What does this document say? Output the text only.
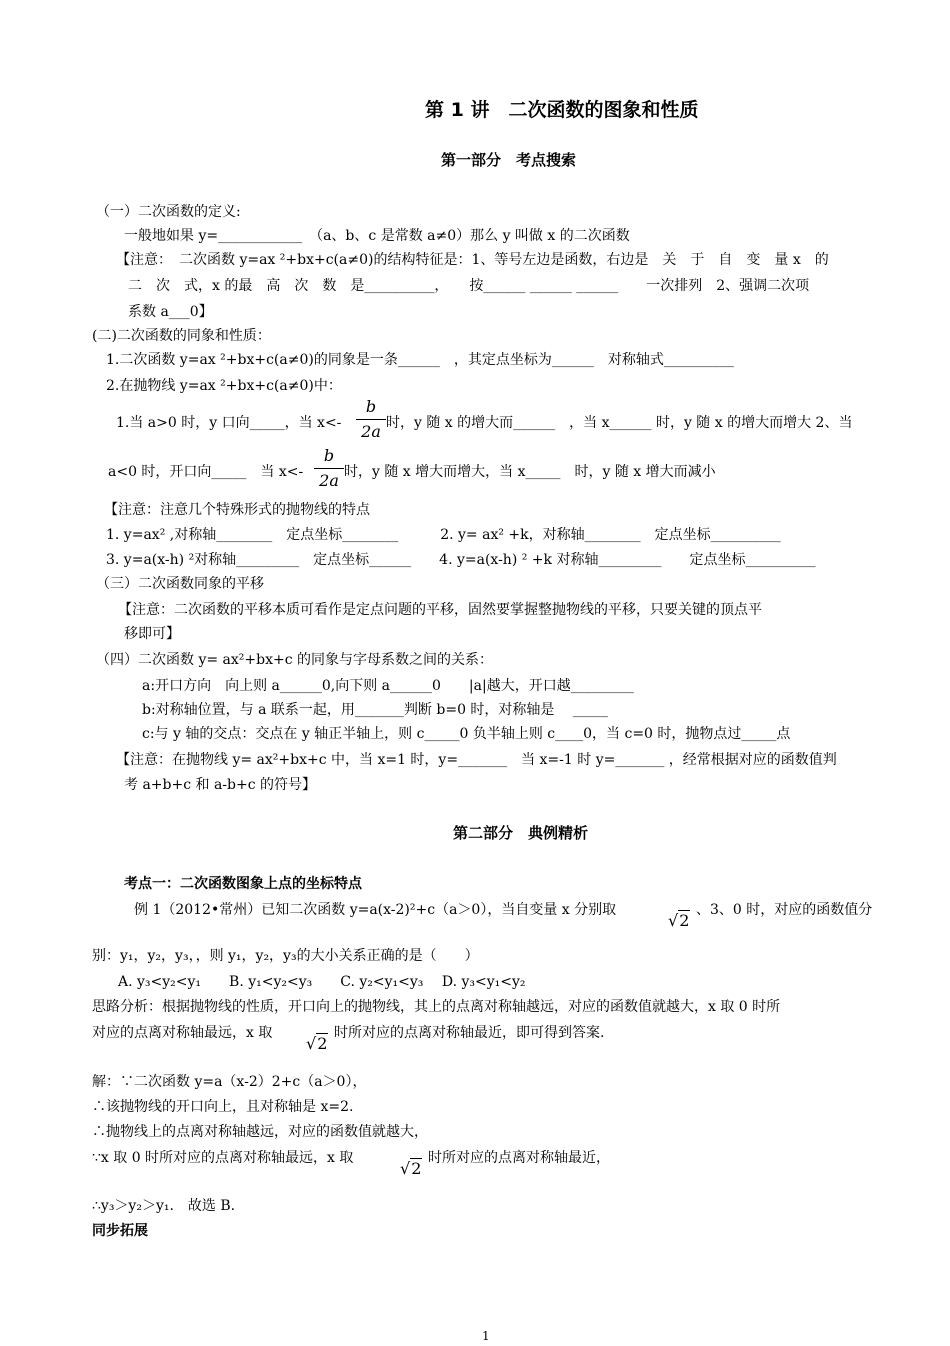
第 1 讲　二次函数的图象和性质
第一部分　考点搜索
（一）二次函数的定义:
一般地如果 y=____________　（a、b、c 是常数 a≠0）那么 y 叫做 x 的二次函数
【注意：　二次函数 y=ax ²+bx+c(a≠0)的结构特征是：1、等号左边是函数，右边是　关　于　自　变　量 x　的
二　次　式，x 的最　高　次　数　是__________，　　按______ ______ ______　　一次排列　2、强调二次项
系数 a___0】
(二)二次函数的同象和性质：
1.二次函数 y=ax ²+bx+c(a≠0)的同象是一条______　，其定点坐标为______　对称轴式__________
2.在抛物线 y=ax ²+bx+c(a≠0)中：
1.当 a>0 时，y 口向_____，当 x<-
b
2a 时，y 随 x 的增大而______　，当 x______ 时，y 随 x 的增大而增大 2、当
a<0 时，开口向_____　当 x<-
b
2a 时，y 随 x 增大而增大，当 x_____　时，y 随 x 增大而减小
【注意：注意几个特殊形式的抛物线的特点
1. y=ax² ,对称轴________　定点坐标________　　　2. y= ax² +k，对称轴________　定点坐标__________
3. y=a(x-h) ²对称轴_________　定点坐标______　　4. y=a(x-h) ² +k 对称轴_________　　定点坐标__________
（三）二次函数同象的平移
【注意：二次函数的平移本质可看作是定点问题的平移，固然要掌握整抛物线的平移，只要关键的顶点平
移即可】
（四）二次函数 y= ax²+bx+c 的同象与字母系数之间的关系：
a:开口方向　向上则 a______0,向下则 a______0　　|a|越大，开口越_________
b:对称轴位置，与 a 联系一起，用_______判断 b=0 时，对称轴是　 _____
c:与 y 轴的交点：交点在 y 轴正半轴上，则 c_____0 负半轴上则 c____0，当 c=0 时，抛物点过_____点
【注意：在抛物线 y= ax²+bx+c 中，当 x=1 时，y=_______　当 x=-1 时 y=_______ ，经常根据对应的函数值判
考 a+b+c 和 a-b+c 的符号】
第二部分　典例精析
考点一：二次函数图象上点的坐标特点
例 1（2012•常州）已知二次函数 y=a(x-2)²+c（a＞0），当自变量 x 分别取
√2
、3、0 时，对应的函数值分
别：y₁，y₂，y₃，，则 y₁，y₂，y₃的大小关系正确的是（　　）
A. y₃<y₂<y₁　　B. y₁<y₂<y₃　　C. y₂<y₁<y₃　 D. y₃<y₁<y₂
思路分析：根据抛物线的性质，开口向上的抛物线，其上的点离对称轴越远，对应的函数值就越大，x 取 0 时所
对应的点离对称轴最远，x 取
√2
时所对应的点离对称轴最近，即可得到答案.
解：∵二次函数 y=a（x-2）2+c（a＞0），
∴该抛物线的开口向上，且对称轴是 x=2.
∴抛物线上的点离对称轴越远，对应的函数值就越大，
∵x 取 0 时所对应的点离对称轴最远，x 取
√2
时所对应的点离对称轴最近，
∴y₃＞y₂＞y₁.　故选 B.
同步拓展
1
